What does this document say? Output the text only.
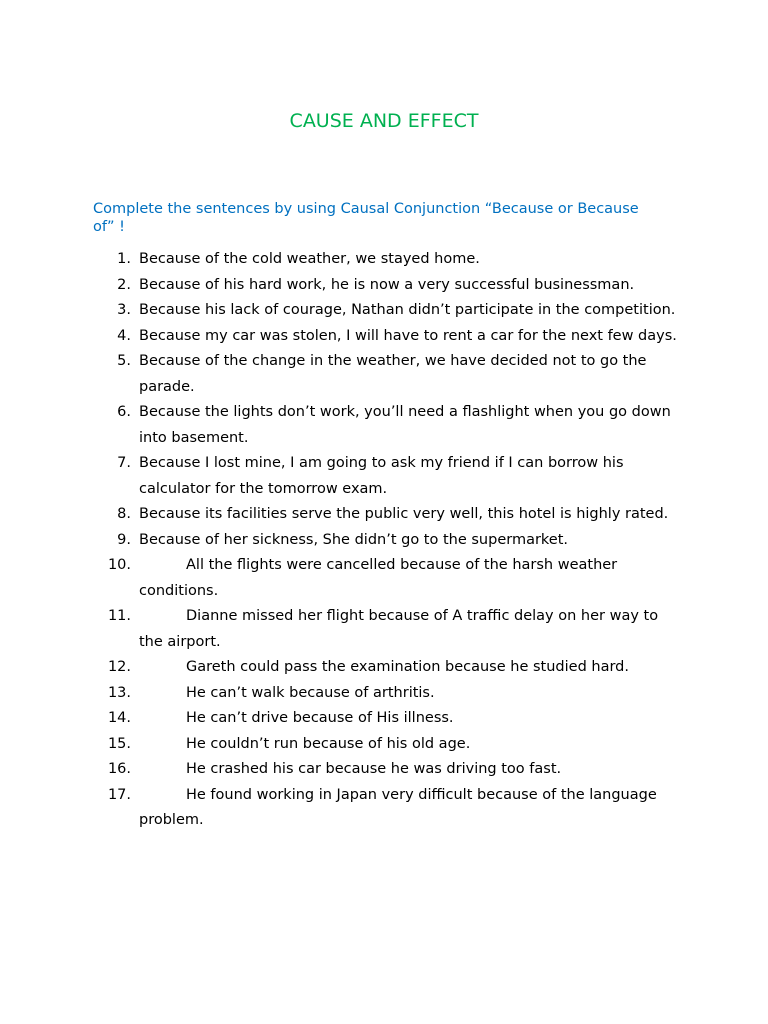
CAUSE AND EFFECT
Complete the sentences by using Causal Conjunction “Because or Because of” !
1. Because of the cold weather, we stayed home.
2. Because of his hard work, he is now a very successful businessman.
3. Because his lack of courage, Nathan didn’t participate in the competition.
4. Because my car was stolen, I will have to rent a car for the next few days.
5. Because of the change in the weather, we have decided not to go the parade.
6. Because the lights don’t work, you’ll need a flashlight when you go down into basement.
7. Because I lost mine, I am going to ask my friend if I can borrow his calculator for the tomorrow exam.
8. Because its facilities serve the public very well, this hotel is highly rated.
9. Because of her sickness, She didn’t go to the supermarket.
10.	All the flights were cancelled because of the harsh weather conditions.
11.	Dianne missed her flight because of A traffic delay on her way to the airport.
12.	Gareth could pass the examination because he studied hard.
13.	He can’t walk because of arthritis.
14.	He can’t drive because of His illness.
15.	He couldn’t run because of his old age.
16.	He crashed his car because he was driving too fast.
17.	He found working in Japan very difficult because of the language problem.
